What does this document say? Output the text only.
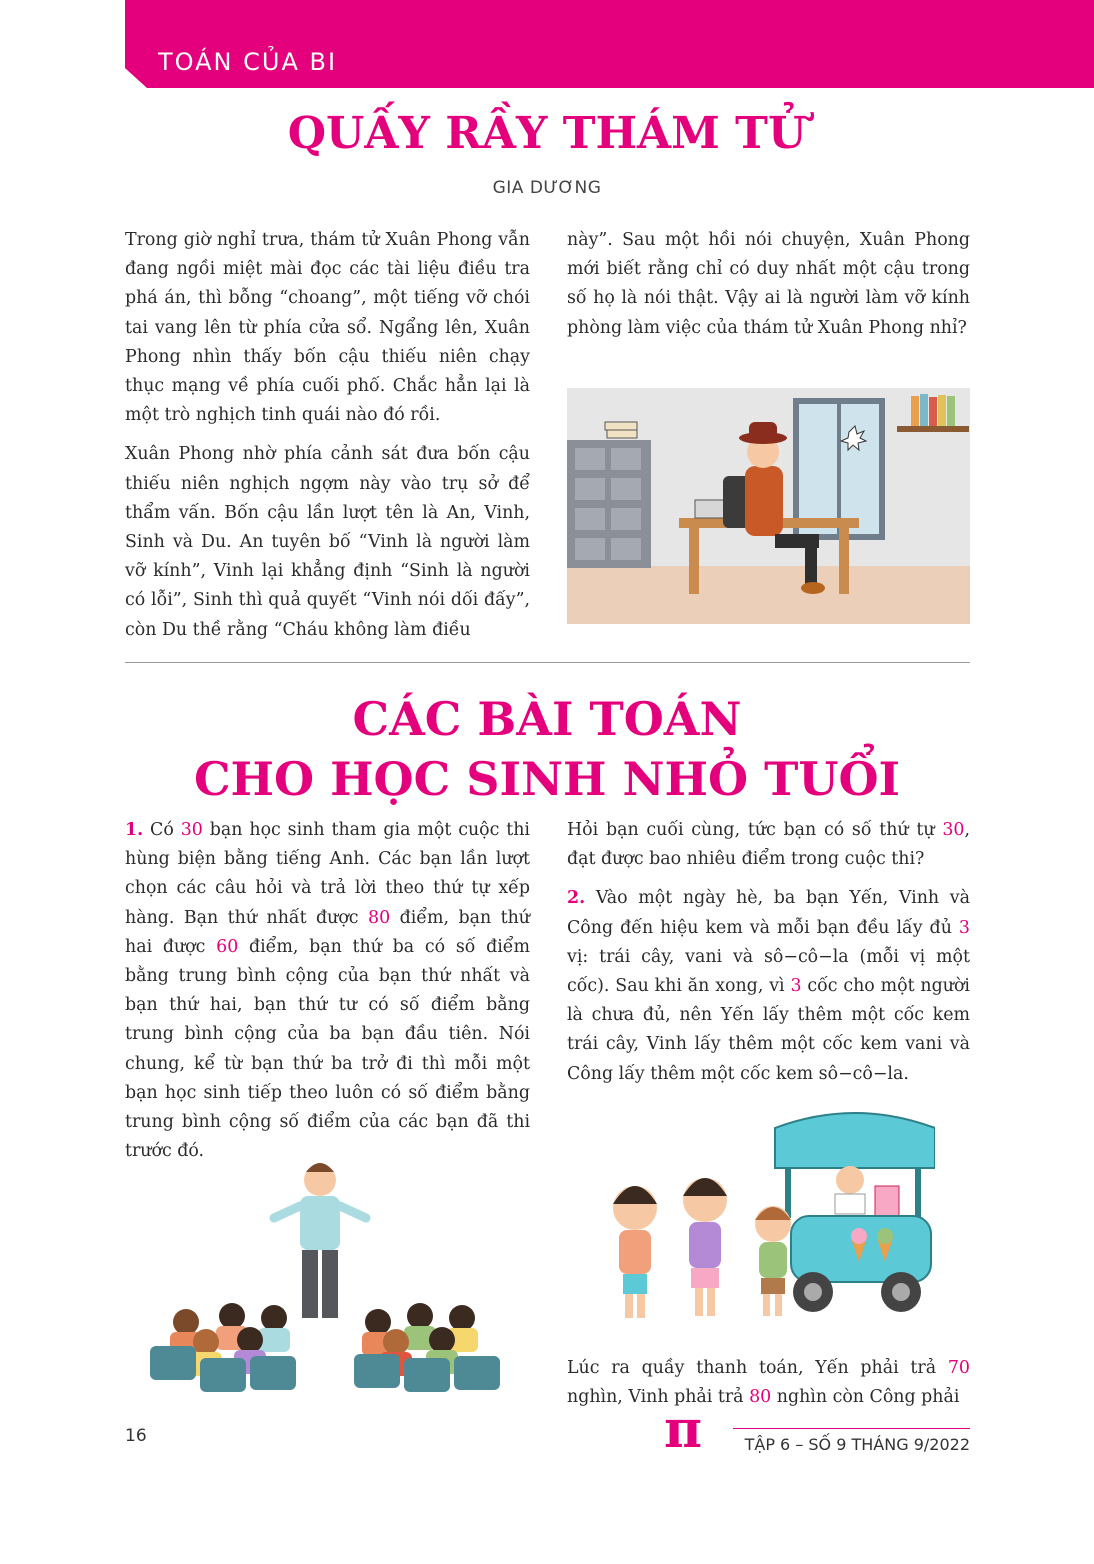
TOÁN CỦA BI
QUẤY RẦY THÁM TỬ
GIA DƯƠNG

Trong giờ nghỉ trưa, thám tử Xuân Phong vẫn đang ngồi miệt mài đọc các tài liệu điều tra phá án, thì bỗng “choang”, một tiếng vỡ chói tai vang lên từ phía cửa sổ. Ngẩng lên, Xuân Phong nhìn thấy bốn cậu thiếu niên chạy thục mạng về phía cuối phố. Chắc hẳn lại là một trò nghịch tinh quái nào đó rồi.

Xuân Phong nhờ phía cảnh sát đưa bốn cậu thiếu niên nghịch ngợm này vào trụ sở để thẩm vấn. Bốn cậu lần lượt tên là An, Vinh, Sinh và Du. An tuyên bố “Vinh là người làm vỡ kính”, Vinh lại khẳng định “Sinh là người có lỗi”, Sinh thì quả quyết “Vinh nói dối đấy”, còn Du thề rằng “Cháu không làm điều

này”. Sau một hồi nói chuyện, Xuân Phong mới biết rằng chỉ có duy nhất một cậu trong số họ là nói thật. Vậy ai là người làm vỡ kính phòng làm việc của thám tử Xuân Phong nhỉ?

CÁC BÀI TOÁN
CHO HỌC SINH NHỎ TUỔI

1. Có 30 bạn học sinh tham gia một cuộc thi hùng biện bằng tiếng Anh. Các bạn lần lượt chọn các câu hỏi và trả lời theo thứ tự xếp hàng. Bạn thứ nhất được 80 điểm, bạn thứ hai được 60 điểm, bạn thứ ba có số điểm bằng trung bình cộng của bạn thứ nhất và bạn thứ hai, bạn thứ tư có số điểm bằng trung bình cộng của ba bạn đầu tiên. Nói chung, kể từ bạn thứ ba trở đi thì mỗi một bạn học sinh tiếp theo luôn có số điểm bằng trung bình cộng số điểm của các bạn đã thi trước đó.

Hỏi bạn cuối cùng, tức bạn có số thứ tự 30, đạt được bao nhiêu điểm trong cuộc thi?

2. Vào một ngày hè, ba bạn Yến, Vinh và Công đến hiệu kem và mỗi bạn đều lấy đủ 3 vị: trái cây, vani và sô−cô−la (mỗi vị một cốc). Sau khi ăn xong, vì 3 cốc cho một người là chưa đủ, nên Yến lấy thêm một cốc kem trái cây, Vinh lấy thêm một cốc kem vani và Công lấy thêm một cốc kem sô−cô−la.

Lúc ra quầy thanh toán, Yến phải trả 70 nghìn, Vinh phải trả 80 nghìn còn Công phải

16	π	TẬP 6 – SỐ 9 THÁNG 9/2022
